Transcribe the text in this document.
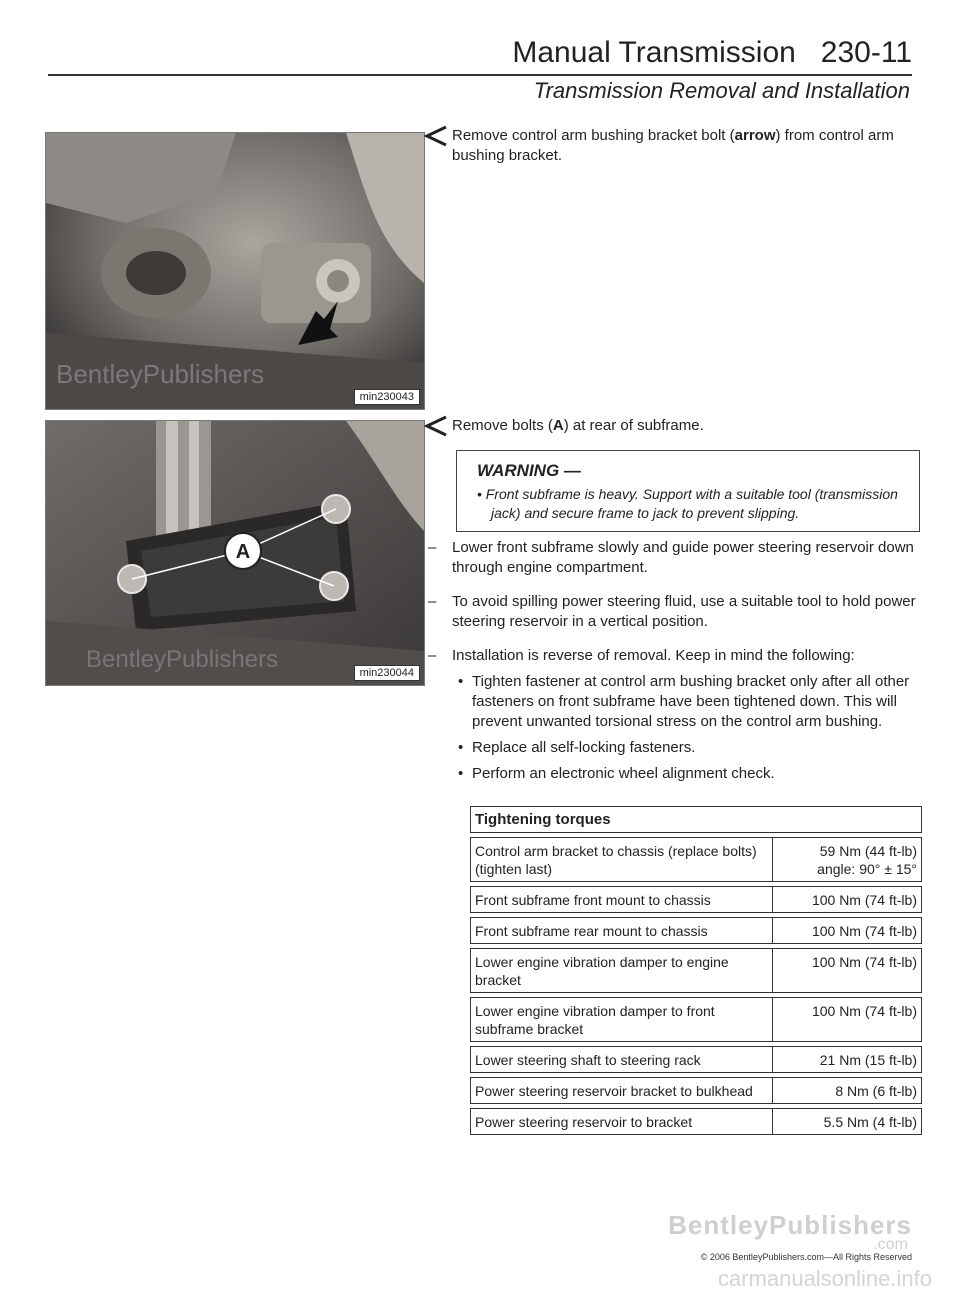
Manual Transmission   230-11
Transmission Removal and Installation
BentleyPublishers
min230043
A
BentleyPublishers	min230044
Remove control arm bushing bracket bolt (arrow) from control arm bushing bracket.
Remove bolts (A) at rear of subframe.
WARNING —
• Front subframe is heavy. Support with a suitable tool (transmission jack) and secure frame to jack to prevent slipping.
– Lower front subframe slowly and guide power steering reservoir down through engine compartment.
– To avoid spilling power steering fluid, use a suitable tool to hold power steering reservoir in a vertical position.
– Installation is reverse of removal. Keep in mind the following:
• Tighten fastener at control arm bushing bracket only after all other fasteners on front subframe have been tightened down. This will prevent unwanted torsional stress on the control arm bushing.
• Replace all self-locking fasteners.
• Perform an electronic wheel alignment check.
Tightening torques	

Control arm bracket to chassis (replace bolts) (tighten last)	59 Nm (44 ft-lb)
angle: 90° ± 15°

Front subframe front mount to chassis	100 Nm (74 ft-lb)

Front subframe rear mount to chassis	100 Nm (74 ft-lb)

Lower engine vibration damper to engine bracket	100 Nm (74 ft-lb)

Lower engine vibration damper to front subframe bracket	100 Nm (74 ft-lb)

Lower steering shaft to steering rack	21 Nm (15 ft-lb)

Power steering reservoir bracket to bulkhead	8 Nm (6 ft-lb)

Power steering reservoir to bracket	5.5 Nm (4 ft-lb)
BentleyPublishers
.com
© 2006 BentleyPublishers.com—All Rights Reserved
carmanualsonline.info
